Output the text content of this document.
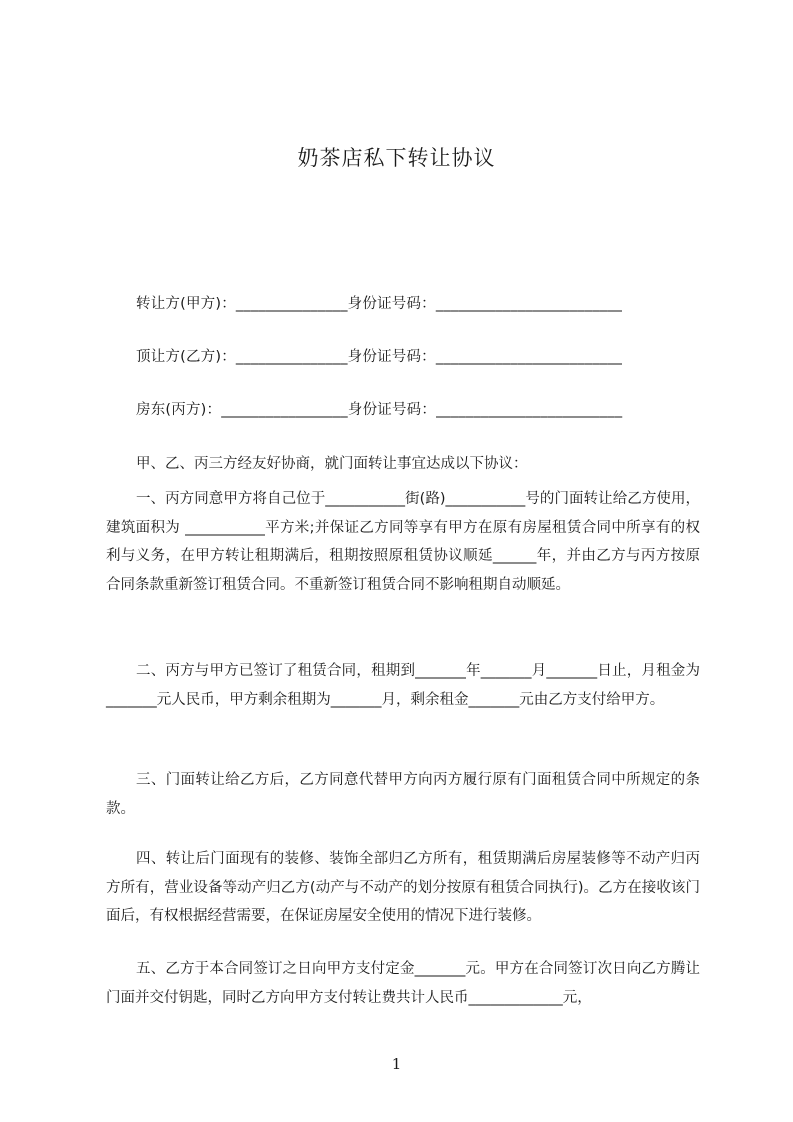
奶茶店私下转让协议
转让方(甲方)：_______________身份证号码：_________________________
顶让方(乙方)：_______________身份证号码：_________________________
房东(丙方)：_________________身份证号码：_________________________
甲、乙、丙三方经友好协商，就门面转让事宜达成以下协议：

一、丙方同意甲方将自己位于___________街(路)___________号的门面转让给乙方使用，建筑面积为 ___________平方米;并保证乙方同等享有甲方在原有房屋租赁合同中所享有的权利与义务，在甲方转让租期满后，租期按照原租赁协议顺延______年，并由乙方与丙方按原合同条款重新签订租赁合同。不重新签订租赁合同不影响租期自动顺延。

二、丙方与甲方已签订了租赁合同，租期到_______年_______月_______日止，月租金为_______元人民币，甲方剩余租期为_______月，剩余租金_______元由乙方支付给甲方。

三、门面转让给乙方后，乙方同意代替甲方向丙方履行原有门面租赁合同中所规定的条款。

四、转让后门面现有的装修、装饰全部归乙方所有，租赁期满后房屋装修等不动产归丙方所有，营业设备等动产归乙方(动产与不动产的划分按原有租赁合同执行)。乙方在接收该门面后，有权根据经营需要，在保证房屋安全使用的情况下进行装修。

五、乙方于本合同签订之日向甲方支付定金_______元。甲方在合同签订次日向乙方腾让门面并交付钥匙，同时乙方向甲方支付转让费共计人民币_____________元，

1
